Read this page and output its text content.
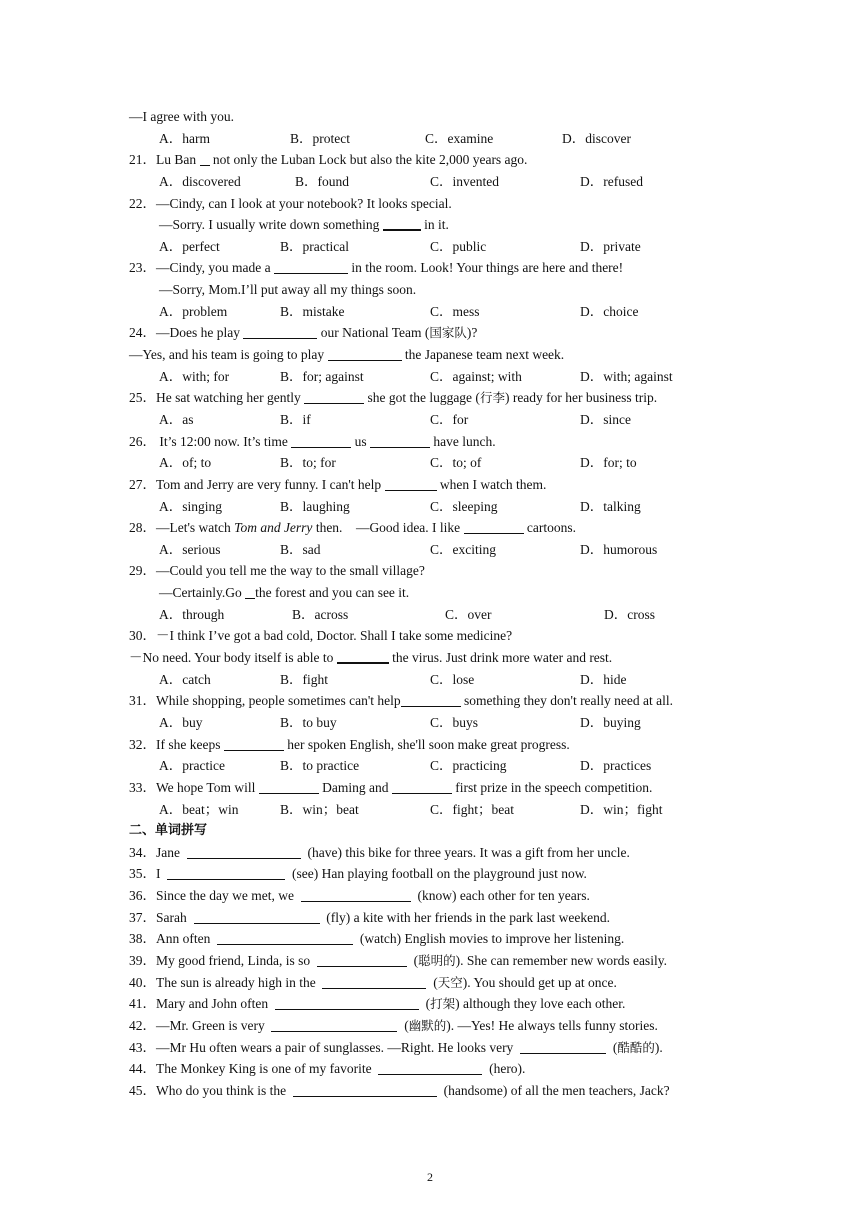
—I agree with you.
A．harm	B．protect	C．examine	D．discover
21．Lu Ban not only the Luban Lock but also the kite 2,000 years ago.
A．discovered	B．found	C．invented	D．refused
22．—Cindy, can I look at your notebook? It looks special.
—Sorry. I usually write down something	in it.
A．perfect	B．practical	C．public	D．private
23．—Cindy, you made a	in the room. Look! Your things are here and there!
—Sorry, Mom.I’ll put away all my things soon.
A．problem	B．mistake	C．mess	D．choice
24．—Does he play	our National Team (国家队)?
—Yes, and his team is going to play	the Japanese team next week.
A．with; for	B．for; against	C．against; with	D．with; against
25．He sat watching her gently	she got the luggage (行李) ready for her business trip.
A．as	B．if	C．for	D．since
26． It’s 12:00 now. It’s time	us	have lunch.
A．of; to	B．to; for	C．to; of	D．for; to
27．Tom and Jerry are very funny. I can't help	when I watch them.
A．singing	B．laughing	C．sleeping	D．talking
28．—Let's watch Tom and Jerry then. —Good idea. I like	cartoons.
A．serious	B．sad	C．exciting	D．humorous
29．—Could you tell me the way to the small village?
—Certainly.Go the forest and you can see it.
A．through	B．across	C．over	D．cross
30．－I think I’ve got a bad cold, Doctor. Shall I take some medicine?
－No need. Your body itself is able to	the virus. Just drink more water and rest.
A．catch	B．fight	C．lose	D．hide
31．While shopping, people sometimes can't help	something they don't really need at all.
A．buy	B．to buy	C．buys	D．buying
32．If she keeps	her spoken English, she'll soon make great progress.
A．practice	B．to practice	C．practicing	D．practices
33．We hope Tom will	Daming and	first prize in the speech competition.
A．beat；win	B．win；beat	C．fight；beat	D．win；fight
二、单词拼写
34．Jane	(have) this bike for three years. It was a gift from her uncle.
35．I	(see) Han playing football on the playground just now.
36．Since the day we met, we	(know) each other for ten years.
37．Sarah	(fly) a kite with her friends in the park last weekend.
38．Ann often	(watch) English movies to improve her listening.
39．My good friend, Linda, is so	(聪明的). She can remember new words easily.
40．The sun is already high in the	(天空). You should get up at once.
41．Mary and John often	(打架) although they love each other.
42．—Mr. Green is very	(幽默的). —Yes! He always tells funny stories.
43．—Mr Hu often wears a pair of sunglasses. —Right. He looks very	(酷酷的).
44．The Monkey King is one of my favorite	(hero).
45．Who do you think is the	(handsome) of all the men teachers, Jack?
2
